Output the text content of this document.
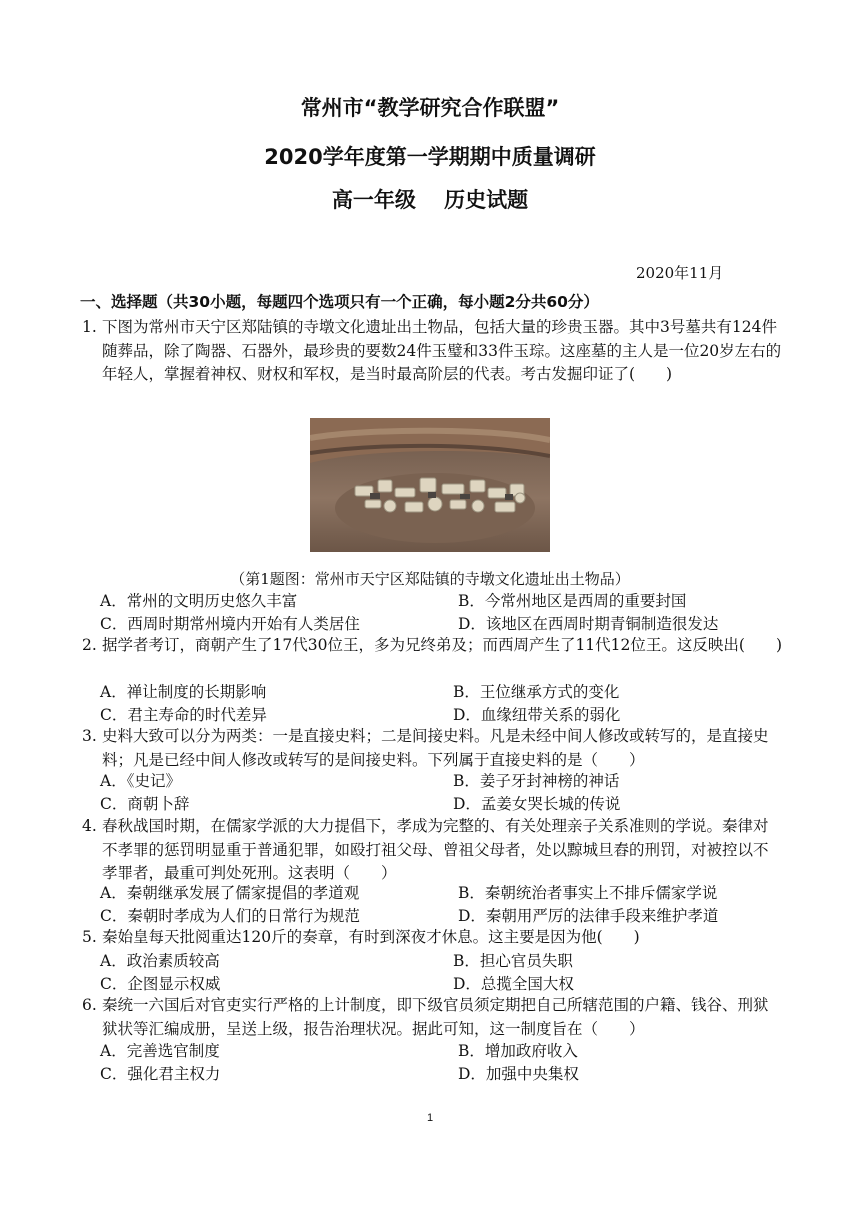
常州市“教学研究合作联盟”
2020学年度第一学期期中质量调研
高一年级　 历史试题
2020年11月
一、选择题（共30小题，每题四个选项只有一个正确，每小题2分共60分）
1. 下图为常州市天宁区郑陆镇的寺墩文化遗址出土物品，包括大量的珍贵玉器。其中3号墓共有124件随葬品，除了陶器、石器外，最珍贵的要数24件玉璧和33件玉琮。这座墓的主人是一位20岁左右的年轻人，掌握着神权、财权和军权，是当时最高阶层的代表。考古发掘印证了(　　)
（第1题图：常州市天宁区郑陆镇的寺墩文化遗址出土物品）
A．常州的文明历史悠久丰富	B．今常州地区是西周的重要封国
C．西周时期常州境内开始有人类居住	D．该地区在西周时期青铜制造很发达
2. 据学者考订，商朝产生了17代30位王，多为兄终弟及；而西周产生了11代12位王。这反映出(　　)
A．禅让制度的长期影响	B．王位继承方式的变化
C．君主寿命的时代差异	D．血缘纽带关系的弱化
3. 史料大致可以分为两类：一是直接史料；二是间接史料。凡是未经中间人修改或转写的，是直接史料；凡是已经中间人修改或转写的是间接史料。下列属于直接史料的是（　　）
A．《史记》	B．姜子牙封神榜的神话
C．商朝卜辞	D．孟姜女哭长城的传说
4. 春秋战国时期，在儒家学派的大力提倡下，孝成为完整的、有关处理亲子关系准则的学说。秦律对不孝罪的惩罚明显重于普通犯罪，如殴打祖父母、曾祖父母者，处以黥城旦舂的刑罚，对被控以不孝罪者，最重可判处死刑。这表明（　　）
A．秦朝继承发展了儒家提倡的孝道观	B．秦朝统治者事实上不排斥儒家学说
C．秦朝时孝成为人们的日常行为规范	D．秦朝用严厉的法律手段来维护孝道
5. 秦始皇每天批阅重达120斤的奏章，有时到深夜才休息。这主要是因为他(　　)
A．政治素质较高	B．担心官员失职
C．企图显示权威	D．总揽全国大权
6. 秦统一六国后对官吏实行严格的上计制度，即下级官员须定期把自己所辖范围的户籍、钱谷、刑狱狱状等汇编成册，呈送上级，报告治理状况。据此可知，这一制度旨在（　　）
A．完善选官制度	B．增加政府收入
C．强化君主权力	D．加强中央集权
1
